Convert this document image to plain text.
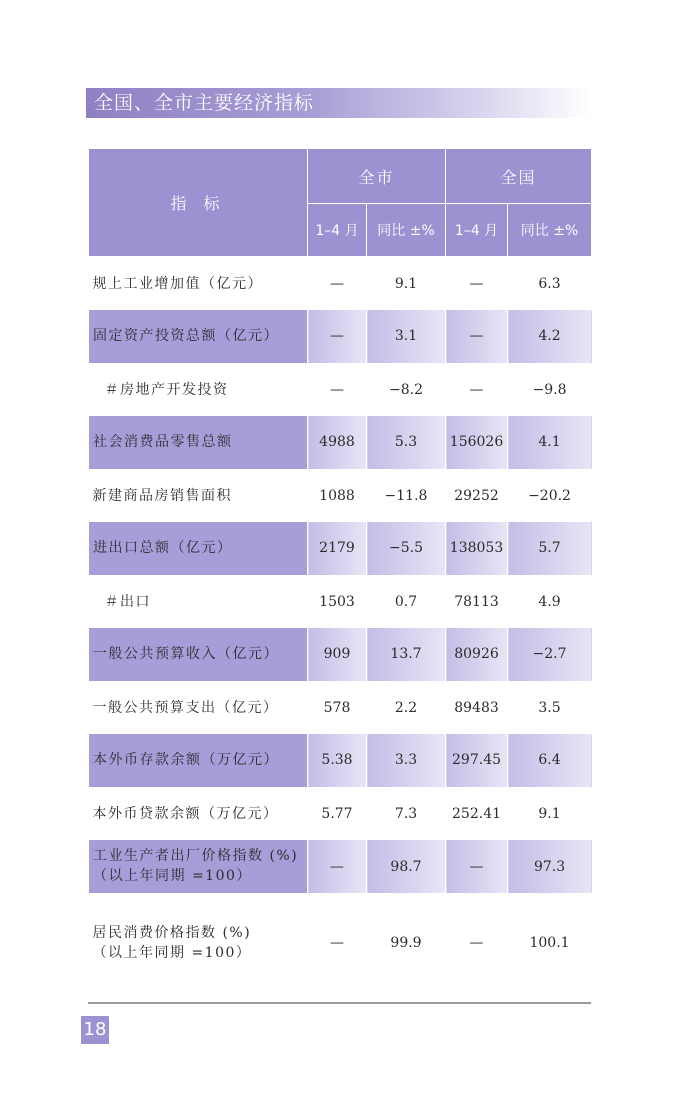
全国、全市主要经济指标
指 标	全市		全国	
	1–4 月	同比 ±%	1–4 月	同比 ±%
规上工业增加值（亿元）	—	9.1	—	6.3

固定资产投资总额（亿元）	—	3.1	—	4.2

＃房地产开发投资	—	−8.2	—	−9.8

社会消费品零售总额	4988	5.3	156026	4.1

新建商品房销售面积	1088	−11.8	29252	−20.2

进出口总额（亿元）	2179	−5.5	138053	5.7

＃出口	1503	0.7	78113	4.9

一般公共预算收入（亿元）	909	13.7	80926	−2.7

一般公共预算支出（亿元）	578	2.2	89483	3.5

本外币存款余额（万亿元）	5.38	3.3	297.45	6.4

本外币贷款余额（万亿元）	5.77	7.3	252.41	9.1

工业生产者出厂价格指数 (%)
（以上年同期 =100）	—	98.7	—	97.3

居民消费价格指数 (%)
（以上年同期 =100）	—	99.9	—	100.1
18
